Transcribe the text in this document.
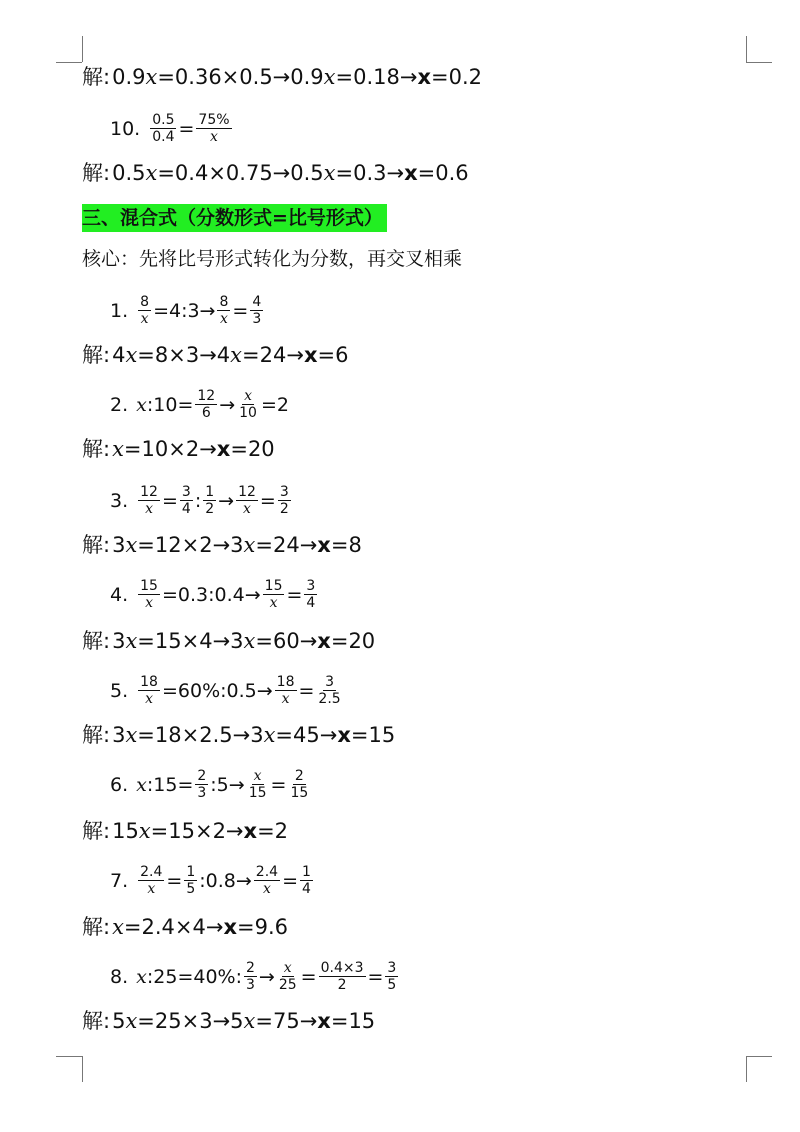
解: 0.9 x =0.36×0.5→0.9 x =0.18→ x =0.2
10. $\frac{0.5}{0.4} = \frac{75\%}{x}$
解: 0.5 x =0.4×0.75→0.5 x =0.3→ x =0.6
三、混合式（分数形式=比号形式）
核心：先将比号形式转化为分数，再交叉相乘
1. $\frac{8}{x}$ =4:3→ $\frac{8}{x} = \frac{4}{3}$
解: 4 x =8×3→4 x =24→ x =6
2. x :10= $\frac{12}{6} \to \frac{x}{10} =2$
解: x =10×2→ x =20
3. $\frac{12}{x} = \frac{3}{4}$ : $\frac{1}{2} \to \frac{12}{x} = \frac{3}{2}$
解: 3 x =12×2→3 x =24→ x =8
4. $\frac{15}{x}$ =0.3:0.4→ $\frac{15}{x} = \frac{3}{4}$
解: 3 x =15×4→3 x =60→ x =20
5. $\frac{18}{x}$ =60%:0.5→ $\frac{18}{x} = \frac{3}{2.5}$
解: 3 x =18×2.5→3 x =45→ x =15
6. x :15= $\frac{2}{3}$ :5→ $\frac{x}{15} = \frac{2}{15}$
解: 15 x =15×2→ x =2
7. $\frac{2.4}{x} = \frac{1}{5}$ :0.8→ $\frac{2.4}{x} = \frac{1}{4}$
解: x =2.4×4→ x =9.6
8. x :25=40%: $\frac{2}{3} \to \frac{x}{25} = \frac{0.4\times 3}{2} = \frac{3}{5}$
解: 5 x =25×3→5 x =75→ x =15
